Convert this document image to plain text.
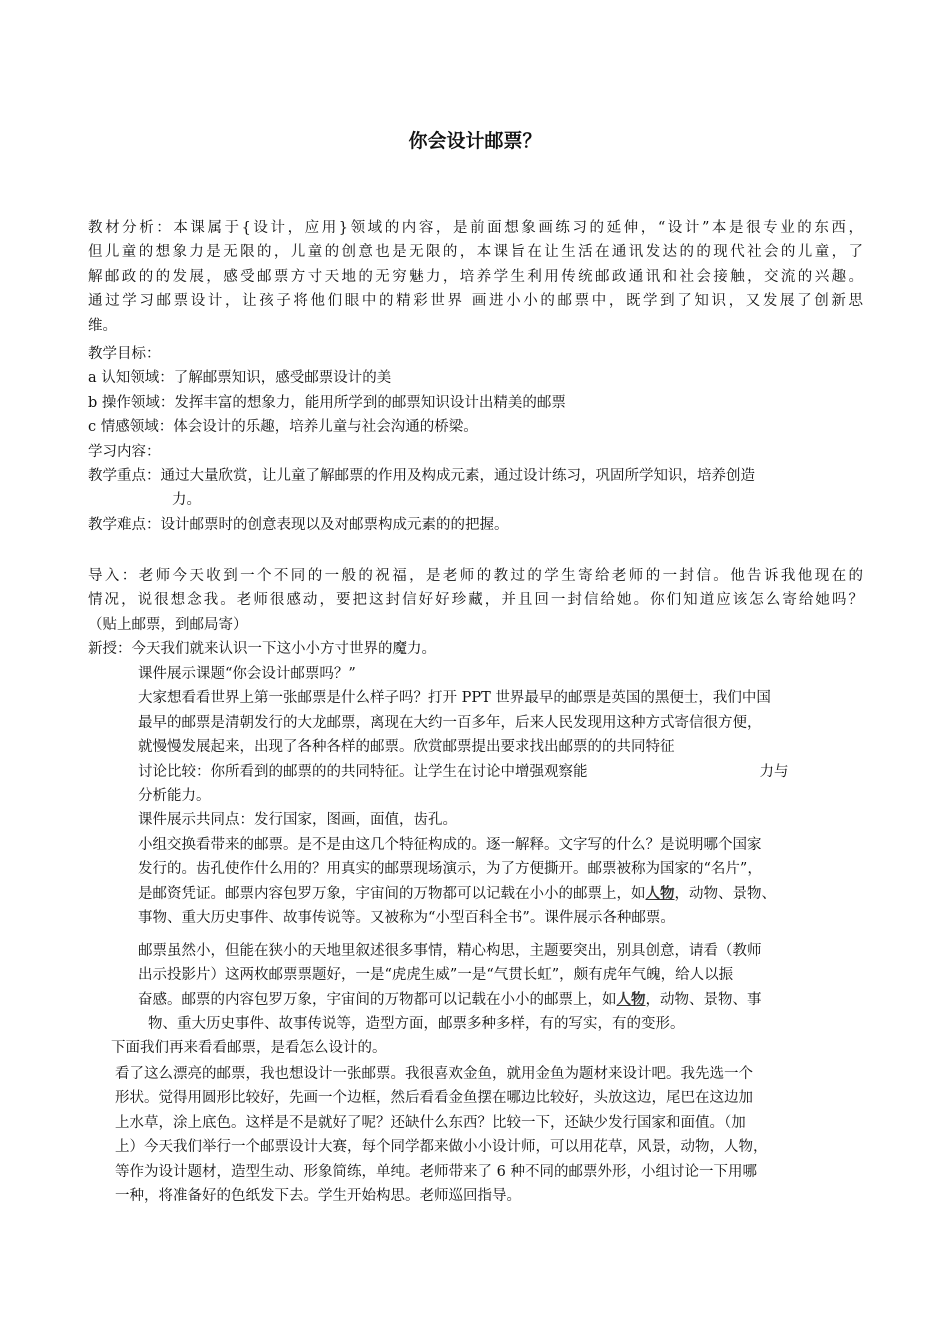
你会设计邮票？
教材分析：本课属于{设计，应用}领域的内容，是前面想象画练习的延伸，“设计”本是很专业的东西，
但儿童的想象力是无限的，儿童的创意也是无限的，本课旨在让生活在通讯发达的的现代社会的儿童，了
解邮政的的发展，感受邮票方寸天地的无穷魅力，培养学生利用传统邮政通讯和社会接触，交流的兴趣。
通过学习邮票设计，让孩子将他们眼中的精彩世界 画进小小的邮票中，既学到了知识，又发展了创新思
维。
教学目标：
a 认知领域：了解邮票知识，感受邮票设计的美
b 操作领域：发挥丰富的想象力，能用所学到的邮票知识设计出精美的邮票
c 情感领域：体会设计的乐趣，培养儿童与社会沟通的桥梁。
学习内容：
教学重点：通过大量欣赏，让儿童了解邮票的作用及构成元素，通过设计练习，巩固所学知识，培养创造
力。
教学难点：设计邮票时的创意表现以及对邮票构成元素的的把握。
导入：老师今天收到一个不同的一般的祝福，是老师的教过的学生寄给老师的一封信。他告诉我他现在的
情况，说很想念我。老师很感动，要把这封信好好珍藏，并且回一封信给她。你们知道应该怎么寄给她吗？
（贴上邮票，到邮局寄）
新授：今天我们就来认识一下这小小方寸世界的魔力。
课件展示课题“你会设计邮票吗？”
大家想看看世界上第一张邮票是什么样子吗？打开 PPT 世界最早的邮票是英国的黑便士，我们中国
最早的邮票是清朝发行的大龙邮票，离现在大约一百多年，后来人民发现用这种方式寄信很方便，
就慢慢发展起来，出现了各种各样的邮票。欣赏邮票提出要求找出邮票的的共同特征
讨论比较：你所看到的邮票的的共同特征。让学生在讨论中增强观察能	力与
分析能力。
课件展示共同点：发行国家，图画，面值，齿孔。
小组交换看带来的邮票。是不是由这几个特征构成的。逐一解释。文字写的什么？是说明哪个国家
发行的。齿孔使作什么用的？用真实的邮票现场演示，为了方便撕开。邮票被称为国家的“名片”，
是邮资凭证。邮票内容包罗万象，宇宙间的万物都可以记载在小小的邮票上，如人物，动物、景物、
事物、重大历史事件、故事传说等。又被称为“小型百科全书”。课件展示各种邮票。
邮票虽然小，但能在狭小的天地里叙述很多事情，精心构思，主题要突出，别具创意，请看（教师
出示投影片）这两枚邮票票题好，一是“虎虎生威”一是“气贯长虹”，颇有虎年气魄，给人以振
奋感。邮票的内容包罗万象，宇宙间的万物都可以记载在小小的邮票上，如人物，动物、景物、事
物、重大历史事件、故事传说等，造型方面，邮票多种多样，有的写实，有的变形。
下面我们再来看看邮票，是看怎么设计的。
看了这么漂亮的邮票，我也想设计一张邮票。我很喜欢金鱼，就用金鱼为题材来设计吧。我先选一个
形状。觉得用圆形比较好，先画一个边框，然后看看金鱼摆在哪边比较好，头放这边，尾巴在这边加
上水草，涂上底色。这样是不是就好了呢？还缺什么东西？比较一下，还缺少发行国家和面值。（加
上）今天我们举行一个邮票设计大赛，每个同学都来做小小设计师，可以用花草，风景，动物，人物，
等作为设计题材，造型生动、形象简练，单纯。老师带来了 6 种不同的邮票外形，小组讨论一下用哪
一种，将准备好的色纸发下去。学生开始构思。老师巡回指导。
